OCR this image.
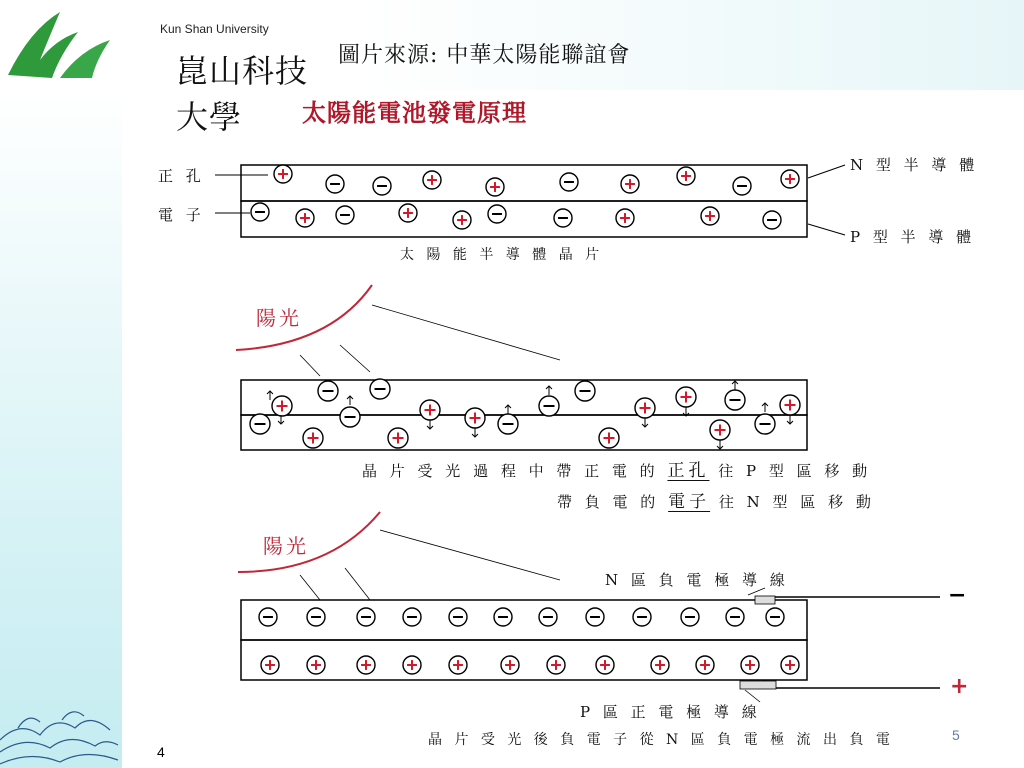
Kun Shan University
崑山科技大學
圖片來源: 中華太陽能聯誼會
太陽能電池發電原理
正 孔
電 子
N 型 半 導 體
P 型 半 導 體
太 陽 能 半 導 體 晶 片
陽光
晶 片 受 光 過 程 中 帶 正 電 的 正孔 往 P 型 區 移 動
帶 負 電 的 電子 往 N 型 區 移 動
陽光
N 區 負 電 極 導 線
P 區 正 電 極 導 線
−
+
晶 片 受 光 後 負 電 子 從 N 區 負 電 極 流 出 負 電
4
5
